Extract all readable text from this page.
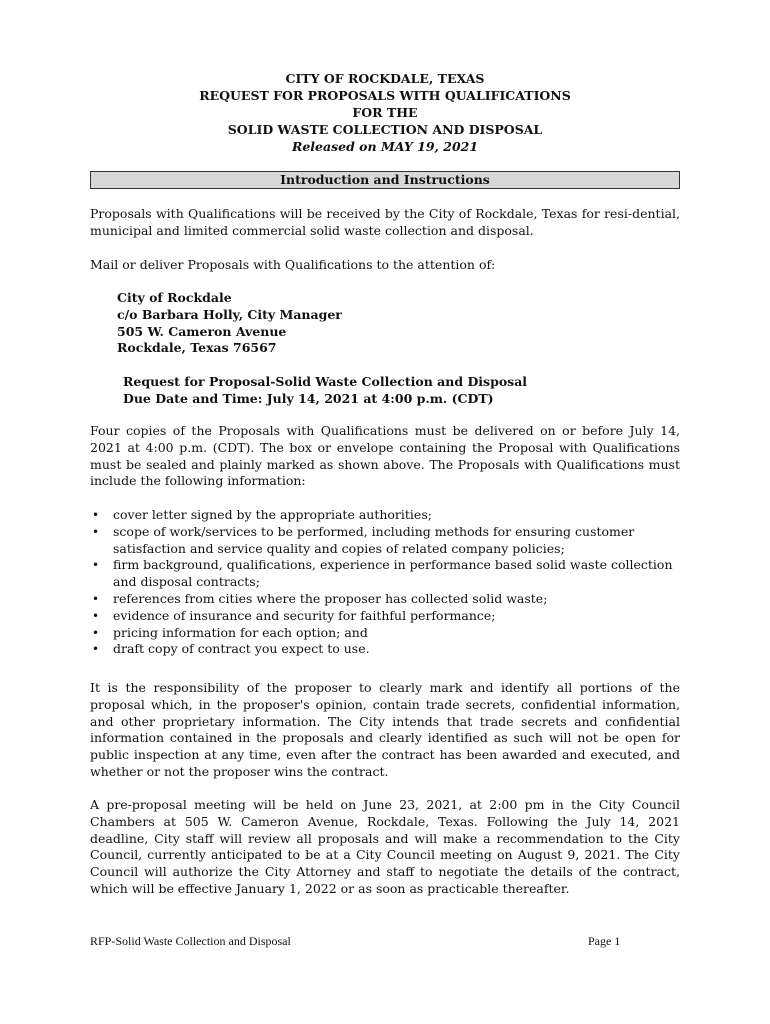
CITY OF ROCKDALE, TEXAS
REQUEST FOR PROPOSALS WITH QUALIFICATIONS
FOR THE
SOLID WASTE COLLECTION AND DISPOSAL
Released on MAY 19, 2021
Introduction and Instructions

Proposals with Qualifications will be received by the City of Rockdale, Texas for resi-dential, municipal and limited commercial solid waste collection and disposal.

Mail or deliver Proposals with Qualifications to the attention of:

City of Rockdale
c/o Barbara Holly, City Manager
505 W. Cameron Avenue
Rockdale, Texas 76567
Request for Proposal-Solid Waste Collection and Disposal
Due Date and Time: July 14, 2021 at 4:00 p.m. (CDT)

Four copies of the Proposals with Qualifications must be delivered on or before July 14, 2021 at 4:00 p.m. (CDT). The box or envelope containing the Proposal with Qualifications must be sealed and plainly marked as shown above. The Proposals with Qualifications must include the following information:

• cover letter signed by the appropriate authorities;
• scope of work/services to be performed, including methods for ensuring customer satisfaction and service quality and copies of related company policies;
• firm background, qualifications, experience in performance based solid waste collection and disposal contracts;
• references from cities where the proposer has collected solid waste;
• evidence of insurance and security for faithful performance;
• pricing information for each option; and
• draft copy of contract you expect to use.

It is the responsibility of the proposer to clearly mark and identify all portions of the proposal which, in the proposer's opinion, contain trade secrets, confidential information, and other proprietary information. The City intends that trade secrets and confidential information contained in the proposals and clearly identified as such will not be open for public inspection at any time, even after the contract has been awarded and executed, and whether or not the proposer wins the contract.

A pre-proposal meeting will be held on June 23, 2021, at 2:00 pm in the City Council Chambers at 505 W. Cameron Avenue, Rockdale, Texas. Following the July 14, 2021 deadline, City staff will review all proposals and will make a recommendation to the City Council, currently anticipated to be at a City Council meeting on August 9, 2021. The City Council will authorize the City Attorney and staff to negotiate the details of the contract, which will be effective January 1, 2022 or as soon as practicable thereafter.

RFP-Solid Waste Collection and Disposal	Page 1
